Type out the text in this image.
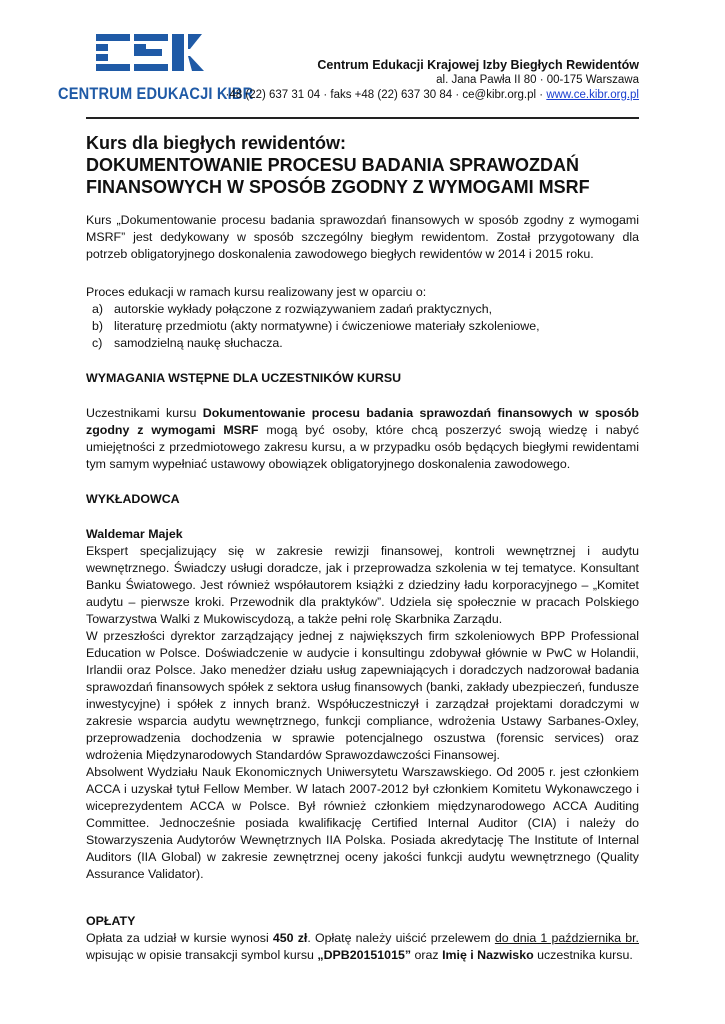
CENTRUM EDUKACJI KIBR
Centrum Edukacji Krajowej Izby Biegłych Rewidentów
al. Jana Pawła II 80 · 00-175 Warszawa
·48 (22) 637 31 04 · faks +48 (22) 637 30 84 · ce@kibr.org.pl · www.ce.kibr.org.pl
Kurs dla biegłych rewidentów:
DOKUMENTOWANIE PROCESU BADANIA SPRAWOZDAŃ
FINANSOWYCH W SPOSÓB ZGODNY Z WYMOGAMI MSRF

Kurs „Dokumentowanie procesu badania sprawozdań finansowych w sposób zgodny z wymogami MSRF” jest dedykowany w sposób szczególny biegłym rewidentom. Został przygotowany dla potrzeb obligatoryjnego doskonalenia zawodowego biegłych rewidentów w 2014 i 2015 roku.

Proces edukacji w ramach kursu realizowany jest w oparciu o:

a) autorskie wykłady połączone z rozwiązywaniem zadań praktycznych,
b) literaturę przedmiotu (akty normatywne) i ćwiczeniowe materiały szkoleniowe,
c) samodzielną naukę słuchacza.

WYMAGANIA WSTĘPNE DLA UCZESTNIKÓW KURSU

Uczestnikami kursu Dokumentowanie procesu badania sprawozdań finansowych w sposób zgodny z wymogami MSRF mogą być osoby, które chcą poszerzyć swoją wiedzę i nabyć umiejętności z przedmiotowego zakresu kursu, a w przypadku osób będących biegłymi rewidentami tym samym wypełniać ustawowy obowiązek obligatoryjnego doskonalenia zawodowego.

WYKŁADOWCA

Waldemar Majek

Ekspert specjalizujący się w zakresie rewizji finansowej, kontroli wewnętrznej i audytu wewnętrznego. Świadczy usługi doradcze, jak i przeprowadza szkolenia w tej tematyce. Konsultant Banku Światowego. Jest również współautorem książki z dziedziny ładu korporacyjnego – „Komitet audytu – pierwsze kroki. Przewodnik dla praktyków”. Udziela się społecznie w pracach Polskiego Towarzystwa Walki z Mukowiscydozą, a także pełni rolę Skarbnika Zarządu.

W przeszłości dyrektor zarządzający jednej z największych firm szkoleniowych BPP Professional Education w Polsce. Doświadczenie w audycie i konsultingu zdobywał głównie w PwC w Holandii, Irlandii oraz Polsce. Jako menedżer działu usług zapewniających i doradczych nadzorował badania sprawozdań finansowych spółek z sektora usług finansowych (banki, zakłady ubezpieczeń, fundusze inwestycyjne) i spółek z innych branż. Współuczestniczył i zarządzał projektami doradczymi w zakresie wsparcia audytu wewnętrznego, funkcji compliance, wdrożenia Ustawy Sarbanes-Oxley, przeprowadzenia dochodzenia w sprawie potencjalnego oszustwa (forensic services) oraz wdrożenia Międzynarodowych Standardów Sprawozdawczości Finansowej.

Absolwent Wydziału Nauk Ekonomicznych Uniwersytetu Warszawskiego. Od 2005 r. jest członkiem ACCA i uzyskał tytuł Fellow Member. W latach 2007-2012 był członkiem Komitetu Wykonawczego i wiceprezydentem ACCA w Polsce. Był również członkiem międzynarodowego ACCA Auditing Committee. Jednocześnie posiada kwalifikację Certified Internal Auditor (CIA) i należy do Stowarzyszenia Audytorów Wewnętrznych IIA Polska. Posiada akredytację The Institute of Internal Auditors (IIA Global) w zakresie zewnętrznej oceny jakości funkcji audytu wewnętrznego (Quality Assurance Validator).

OPŁATY

Opłata za udział w kursie wynosi 450 zł. Opłatę należy uiścić przelewem do dnia 1 października br. wpisując w opisie transakcji symbol kursu „DPB20151015” oraz Imię i Nazwisko uczestnika kursu.
